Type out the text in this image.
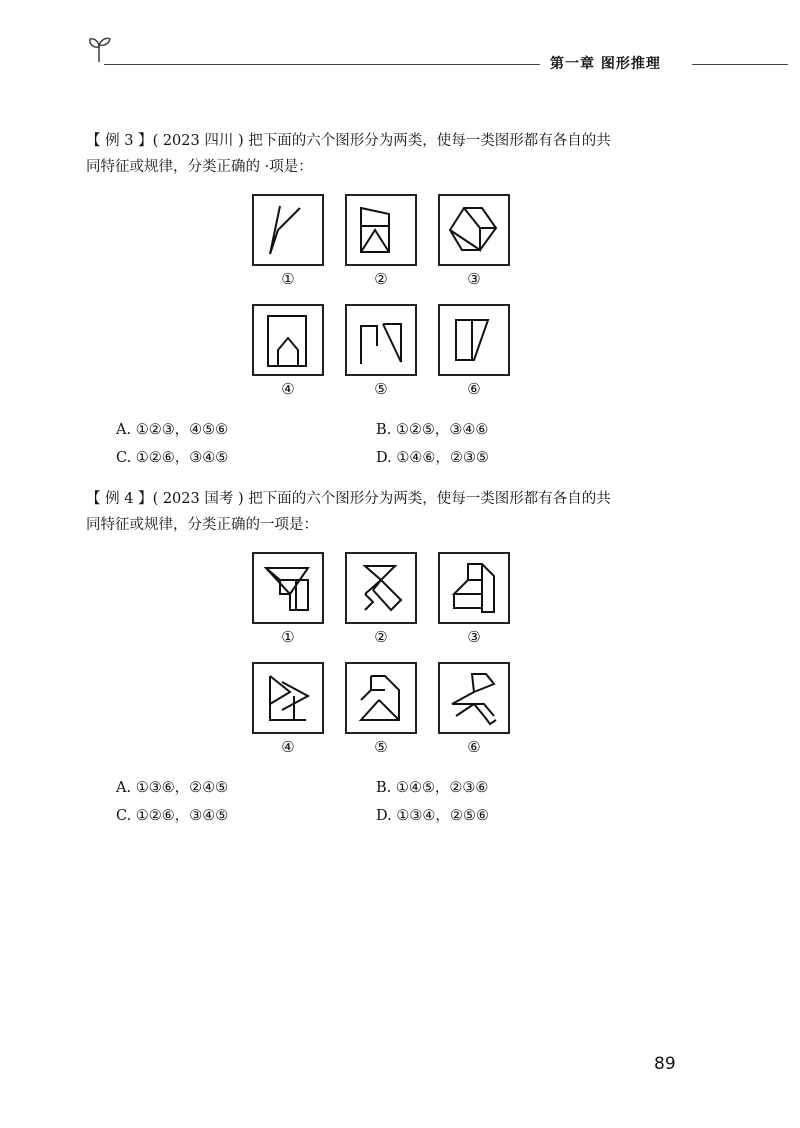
第一章 图形推理
【 例 3 】( 2023 四川 ) 把下面的六个图形分为两类，使每一类图形都有各自的共
同特征或规律，分类正确的 ·项是：
①	②	③
④	⑤	⑥
A. ①②③，④⑤⑥	B. ①②⑤，③④⑥
C. ①②⑥，③④⑤	D. ①④⑥，②③⑤
【 例 4 】( 2023 国考 ) 把下面的六个图形分为两类，使每一类图形都有各自的共
同特征或规律，分类正确的一项是：
①	②	③
④	⑤	⑥
A. ①③⑥，②④⑤	B. ①④⑤，②③⑥
C. ①②⑥，③④⑤	D. ①③④，②⑤⑥
89
